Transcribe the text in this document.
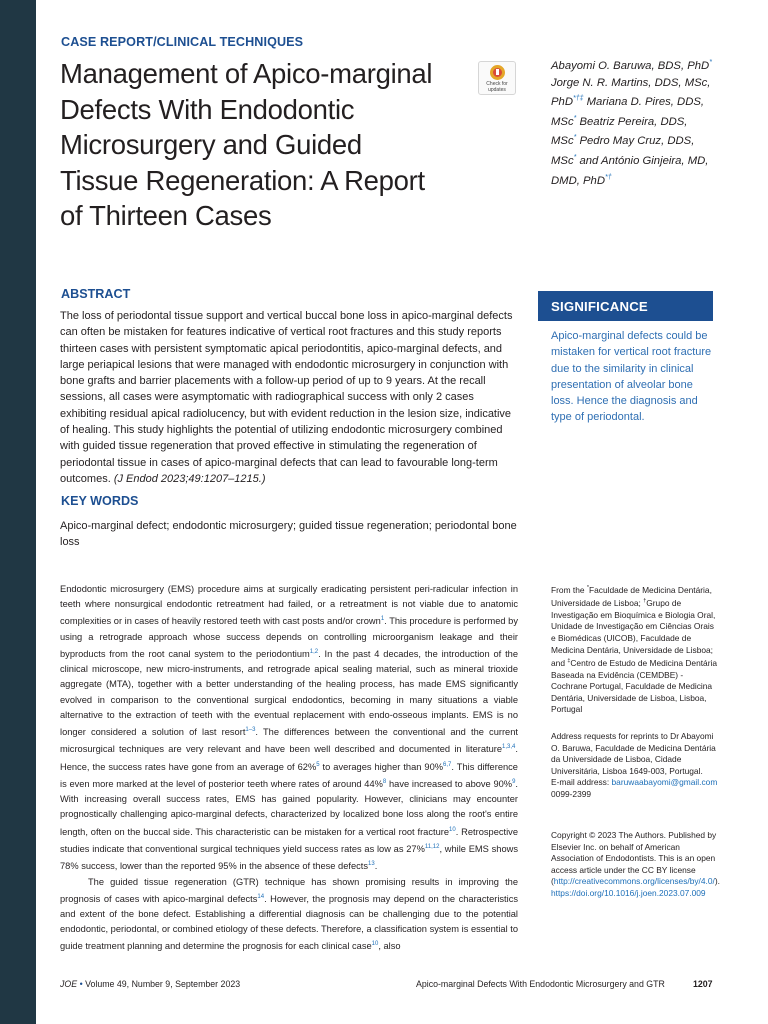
CASE REPORT/CLINICAL TECHNIQUES
Management of Apico-marginal
Defects With Endodontic
Microsurgery and Guided
Tissue Regeneration: A Report
of Thirteen Cases
Check for updates
Abayomi O. Baruwa, BDS, PhD*
Jorge N. R. Martins, DDS, MSc,
PhD*†‡ Mariana D. Pires, DDS,
MSc* Beatriz Pereira, DDS,
MSc* Pedro May Cruz, DDS,
MSc* and António Ginjeira, MD,
DMD, PhD*†
ABSTRACT
The loss of periodontal tissue support and vertical buccal bone loss in apico-marginal defects can often be mistaken for features indicative of vertical root fractures and this study reports thirteen cases with persistent symptomatic apical periodontitis, apico-marginal defects, and large periapical lesions that were managed with endodontic microsurgery in conjunction with bone grafts and barrier placements with a follow-up period of up to 9 years. At the recall sessions, all cases were asymptomatic with radiographical success with only 2 cases exhibiting residual apical radiolucency, but with evident reduction in the lesion size, indicative of healing. This study highlights the potential of utilizing endodontic microsurgery combined with guided tissue regeneration that proved effective in stimulating the regeneration of periodontal tissue in cases of apico-marginal defects that can lead to favourable long-term outcomes. (J Endod 2023;49:1207–1215.)
SIGNIFICANCE
Apico-marginal defects could be mistaken for vertical root fracture due to the similarity in clinical presentation of alveolar bone loss. Hence the diagnosis and type of periodontal.
KEY WORDS
Apico-marginal defect; endodontic microsurgery; guided tissue regeneration; periodontal bone loss

Endodontic microsurgery (EMS) procedure aims at surgically eradicating persistent peri-radicular infection in teeth where nonsurgical endodontic retreatment had failed, or a retreatment is not viable due to anatomic complexities or in cases of heavily restored teeth with cast posts and/or crown$^1$. This procedure is performed by using a retrograde approach whose success depends on controlling microorganism leakage and their byproducts from the root canal system to the periodontium$^{1,2}$. In the past 4 decades, the introduction of the clinical microscope, new micro-instruments, and retrograde apical sealing material, such as mineral trioxide aggregate (MTA), together with a better understanding of the healing process, has made EMS significantly evolved in comparison to the conventional surgical endodontics, becoming in many situations a viable alternative to the extraction of teeth with the eventual replacement with endo-osseous implants. EMS is no longer considered a solution of last resort$^{1-3}$. The differences between the conventional and the current microsurgical techniques are very relevant and have been well described and documented in literature$^{1,3,4}$. Hence, the success rates have gone from an average of 62%$^5$ to averages higher than 90%$^{6,7}$. This difference is even more marked at the level of posterior teeth where rates of around 44%$^8$ have increased to above 90%$^9$. With increasing overall success rates, EMS has gained popularity. However, clinicians may encounter prognostically challenging apico-marginal defects, characterized by localized bone loss along the root's entire length, often on the buccal side. This characteristic can be mistaken for a vertical root fracture$^{10}$. Retrospective studies indicate that conventional surgical techniques yield success rates as low as 27%$^{11,12}$, while EMS shows 78% success, lower than the reported 95% in the absence of these defects$^{13}$.

The guided tissue regeneration (GTR) technique has shown promising results in improving the prognosis of cases with apico-marginal defects$^{14}$. However, the prognosis may depend on the characteristics and extent of the bone defect. Establishing a differential diagnosis can be challenging due to the potential endodontic, periodontal, or combined etiology of these defects. Therefore, a classification system is essential to guide treatment planning and determine the prognosis for each clinical case$^{10}$, also

From the *Faculdade de Medicina Dentária, Universidade de Lisboa; †Grupo de Investigação em Bioquímica e Biologia Oral, Unidade de Investigação em Ciências Orais e Biomédicas (UICOB), Faculdade de Medicina Dentária, Universidade de Lisboa; and ‡Centro de Estudo de Medicina Dentária Baseada na Evidência (CEMDBE) - Cochrane Portugal, Faculdade de Medicina Dentária, Universidade de Lisboa, Lisboa, Portugal
Address requests for reprints to Dr Abayomi O. Baruwa, Faculdade de Medicina Dentária da Universidade de Lisboa, Cidade Universitária, Lisboa 1649-003, Portugal.
E-mail address: baruwaabayomi@gmail.com
0099-2399
Copyright © 2023 The Authors. Published by Elsevier Inc. on behalf of American Association of Endodontists. This is an open access article under the CC BY license (http://creativecommons.org/licenses/by/4.0/).
https://doi.org/10.1016/j.joen.2023.07.009
JOE • Volume 49, Number 9, September 2023	Apico-marginal Defects With Endodontic Microsurgery and GTR	1207
